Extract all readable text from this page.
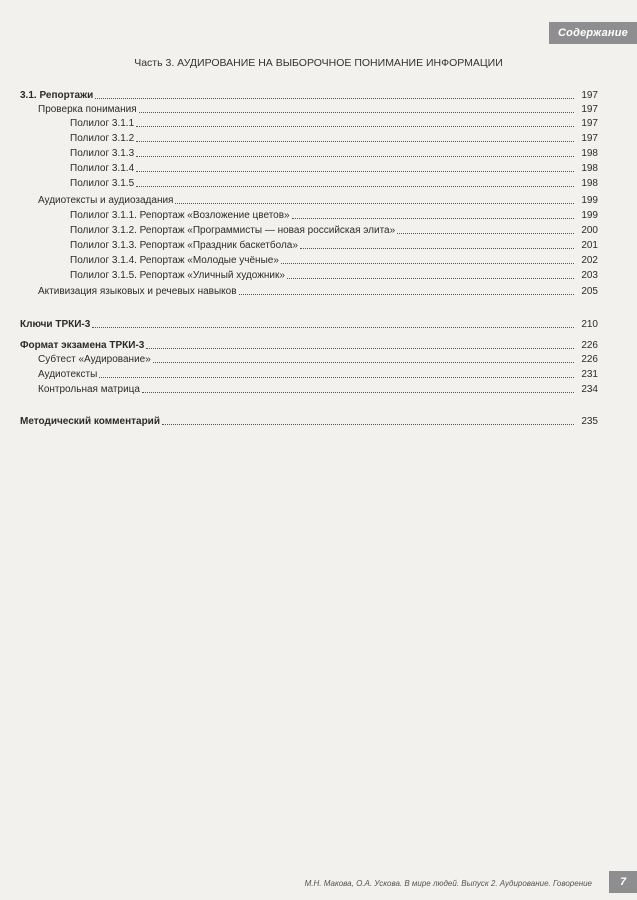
Содержание
Часть 3. АУДИРОВАНИЕ НА ВЫБОРОЧНОЕ ПОНИМАНИЕ ИНФОРМАЦИИ
3.1. Репортажи	197
Проверка понимания	197
Полилог 3.1.1	197
Полилог 3.1.2	197
Полилог 3.1.3	198
Полилог 3.1.4	198
Полилог 3.1.5	198
Аудиотексты и аудиозадания	199
Полилог 3.1.1. Репортаж «Возложение цветов»	199
Полилог 3.1.2. Репортаж «Программисты — новая российская элита»	200
Полилог 3.1.3. Репортаж «Праздник баскетбола»	201
Полилог 3.1.4. Репортаж «Молодые учёные»	202
Полилог 3.1.5. Репортаж «Уличный художник»	203
Активизация языковых и речевых навыков	205
Ключи ТРКИ-3	210
Формат экзамена ТРКИ-3	226
Субтест «Аудирование»	226
Аудиотексты	231
Контрольная матрица	234
Методический комментарий	235
М.Н. Макова, О.А. Ускова. В мире людей. Выпуск 2. Аудирование. Говорение	7
